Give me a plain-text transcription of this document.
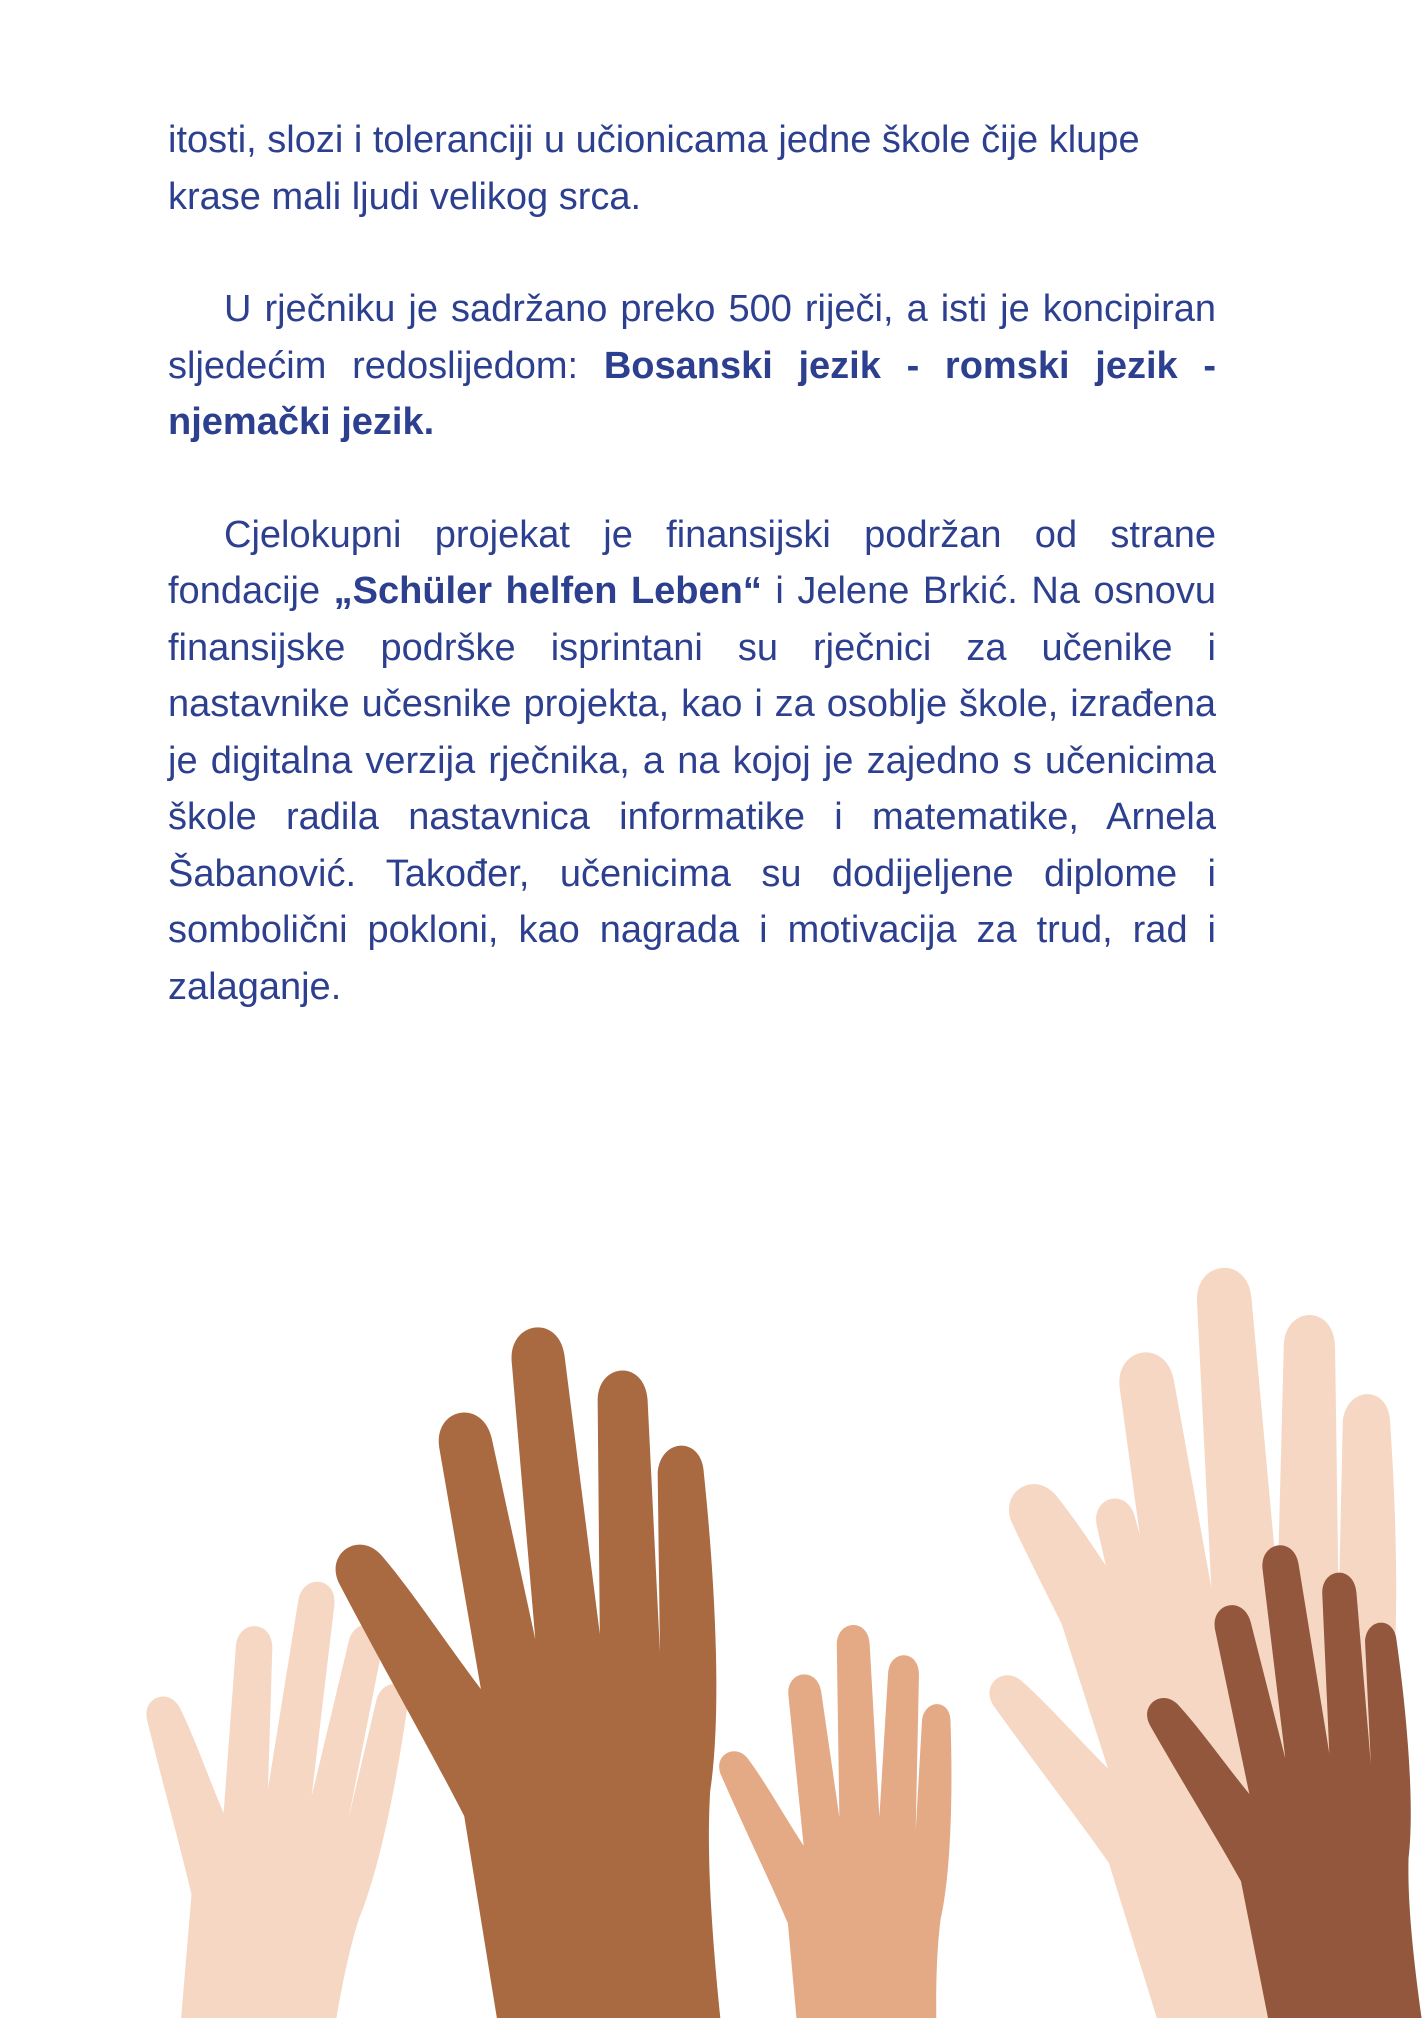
itosti, slozi i toleranciji u učionicama jedne škole čije klupe krase mali ljudi velikog srca.

U rječniku je sadržano preko 500 riječi, a isti je koncipiran sljedećim redoslijedom: Bosanski jezik - romski jezik - njemački jezik.

Cjelokupni projekat je finansijski podržan od strane fondacije „Schüler helfen Leben“ i Jelene Brkić. Na osnovu finansijske podrške isprintani su rječnici za učenike i nastavnike učesnike projekta, kao i za osoblje škole, izrađena je digitalna verzija rječnika, a na kojoj je zajedno s učenicima škole radila nastavnica informatike i matematike, Arnela Šabanović. Također, učenicima su dodijeljene diplome i sombolični pokloni, kao nagrada i motivacija za trud, rad i zalaganje.
